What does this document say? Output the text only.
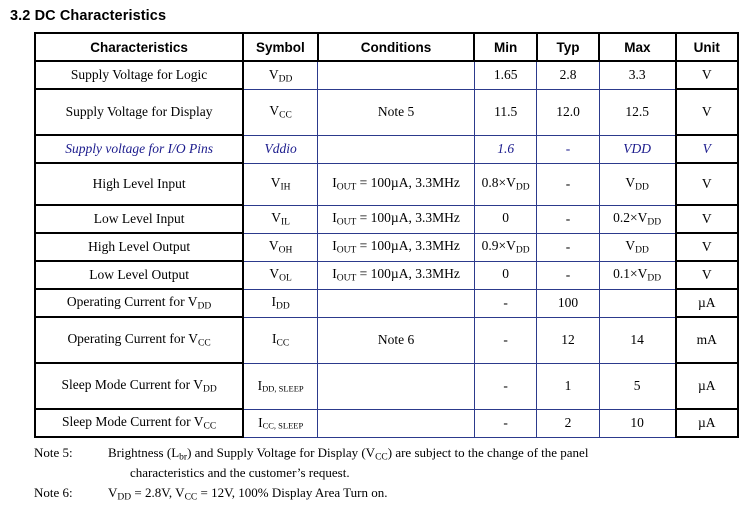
3.2 DC Characteristics
Characteristics	Symbol	Conditions	Min	Typ	Max	Unit
Supply Voltage for Logic	$V_{DD}$		1.65	2.8	3.3	V
Supply Voltage for Display	$V_{CC}$	Note 5	11.5	12.0	12.5	V
Supply voltage for I/O Pins	Vddio		1.6	-	VDD	V
High Level Input	$V_{IH}$	$I_{OUT} = 100\mu A$, 3.3MHz	$0.8\times V_{DD}$	-	$V_{DD}$	V
Low Level Input	$V_{IL}$	$I_{OUT} = 100\mu A$, 3.3MHz	0	-	$0.2\times V_{DD}$	V
High Level Output	$V_{OH}$	$I_{OUT} = 100\mu A$, 3.3MHz	$0.9\times V_{DD}$	-	$V_{DD}$	V
Low Level Output	$V_{OL}$	$I_{OUT} = 100\mu A$, 3.3MHz	0	-	$0.1\times V_{DD}$	V
Operating Current for $V_{DD}$	$I_{DD}$		-	100		µA
Operating Current for $V_{CC}$	$I_{CC}$	Note 6	-	12	14	mA
Sleep Mode Current for $V_{DD}$	IDD, SLEEP		-	1	5	µA
Sleep Mode Current for $V_{CC}$	ICC, SLEEP		-	2	10	µA
Note 5:	Brightness $(L_{br})$ and Supply Voltage for Display $(V_{CC})$ are subject to the change of the panel
characteristics and the customer’s request.
Note 6:	$V_{DD} = 2.8V$, $V_{CC} = 12V$, 100% Display Area Turn on.
